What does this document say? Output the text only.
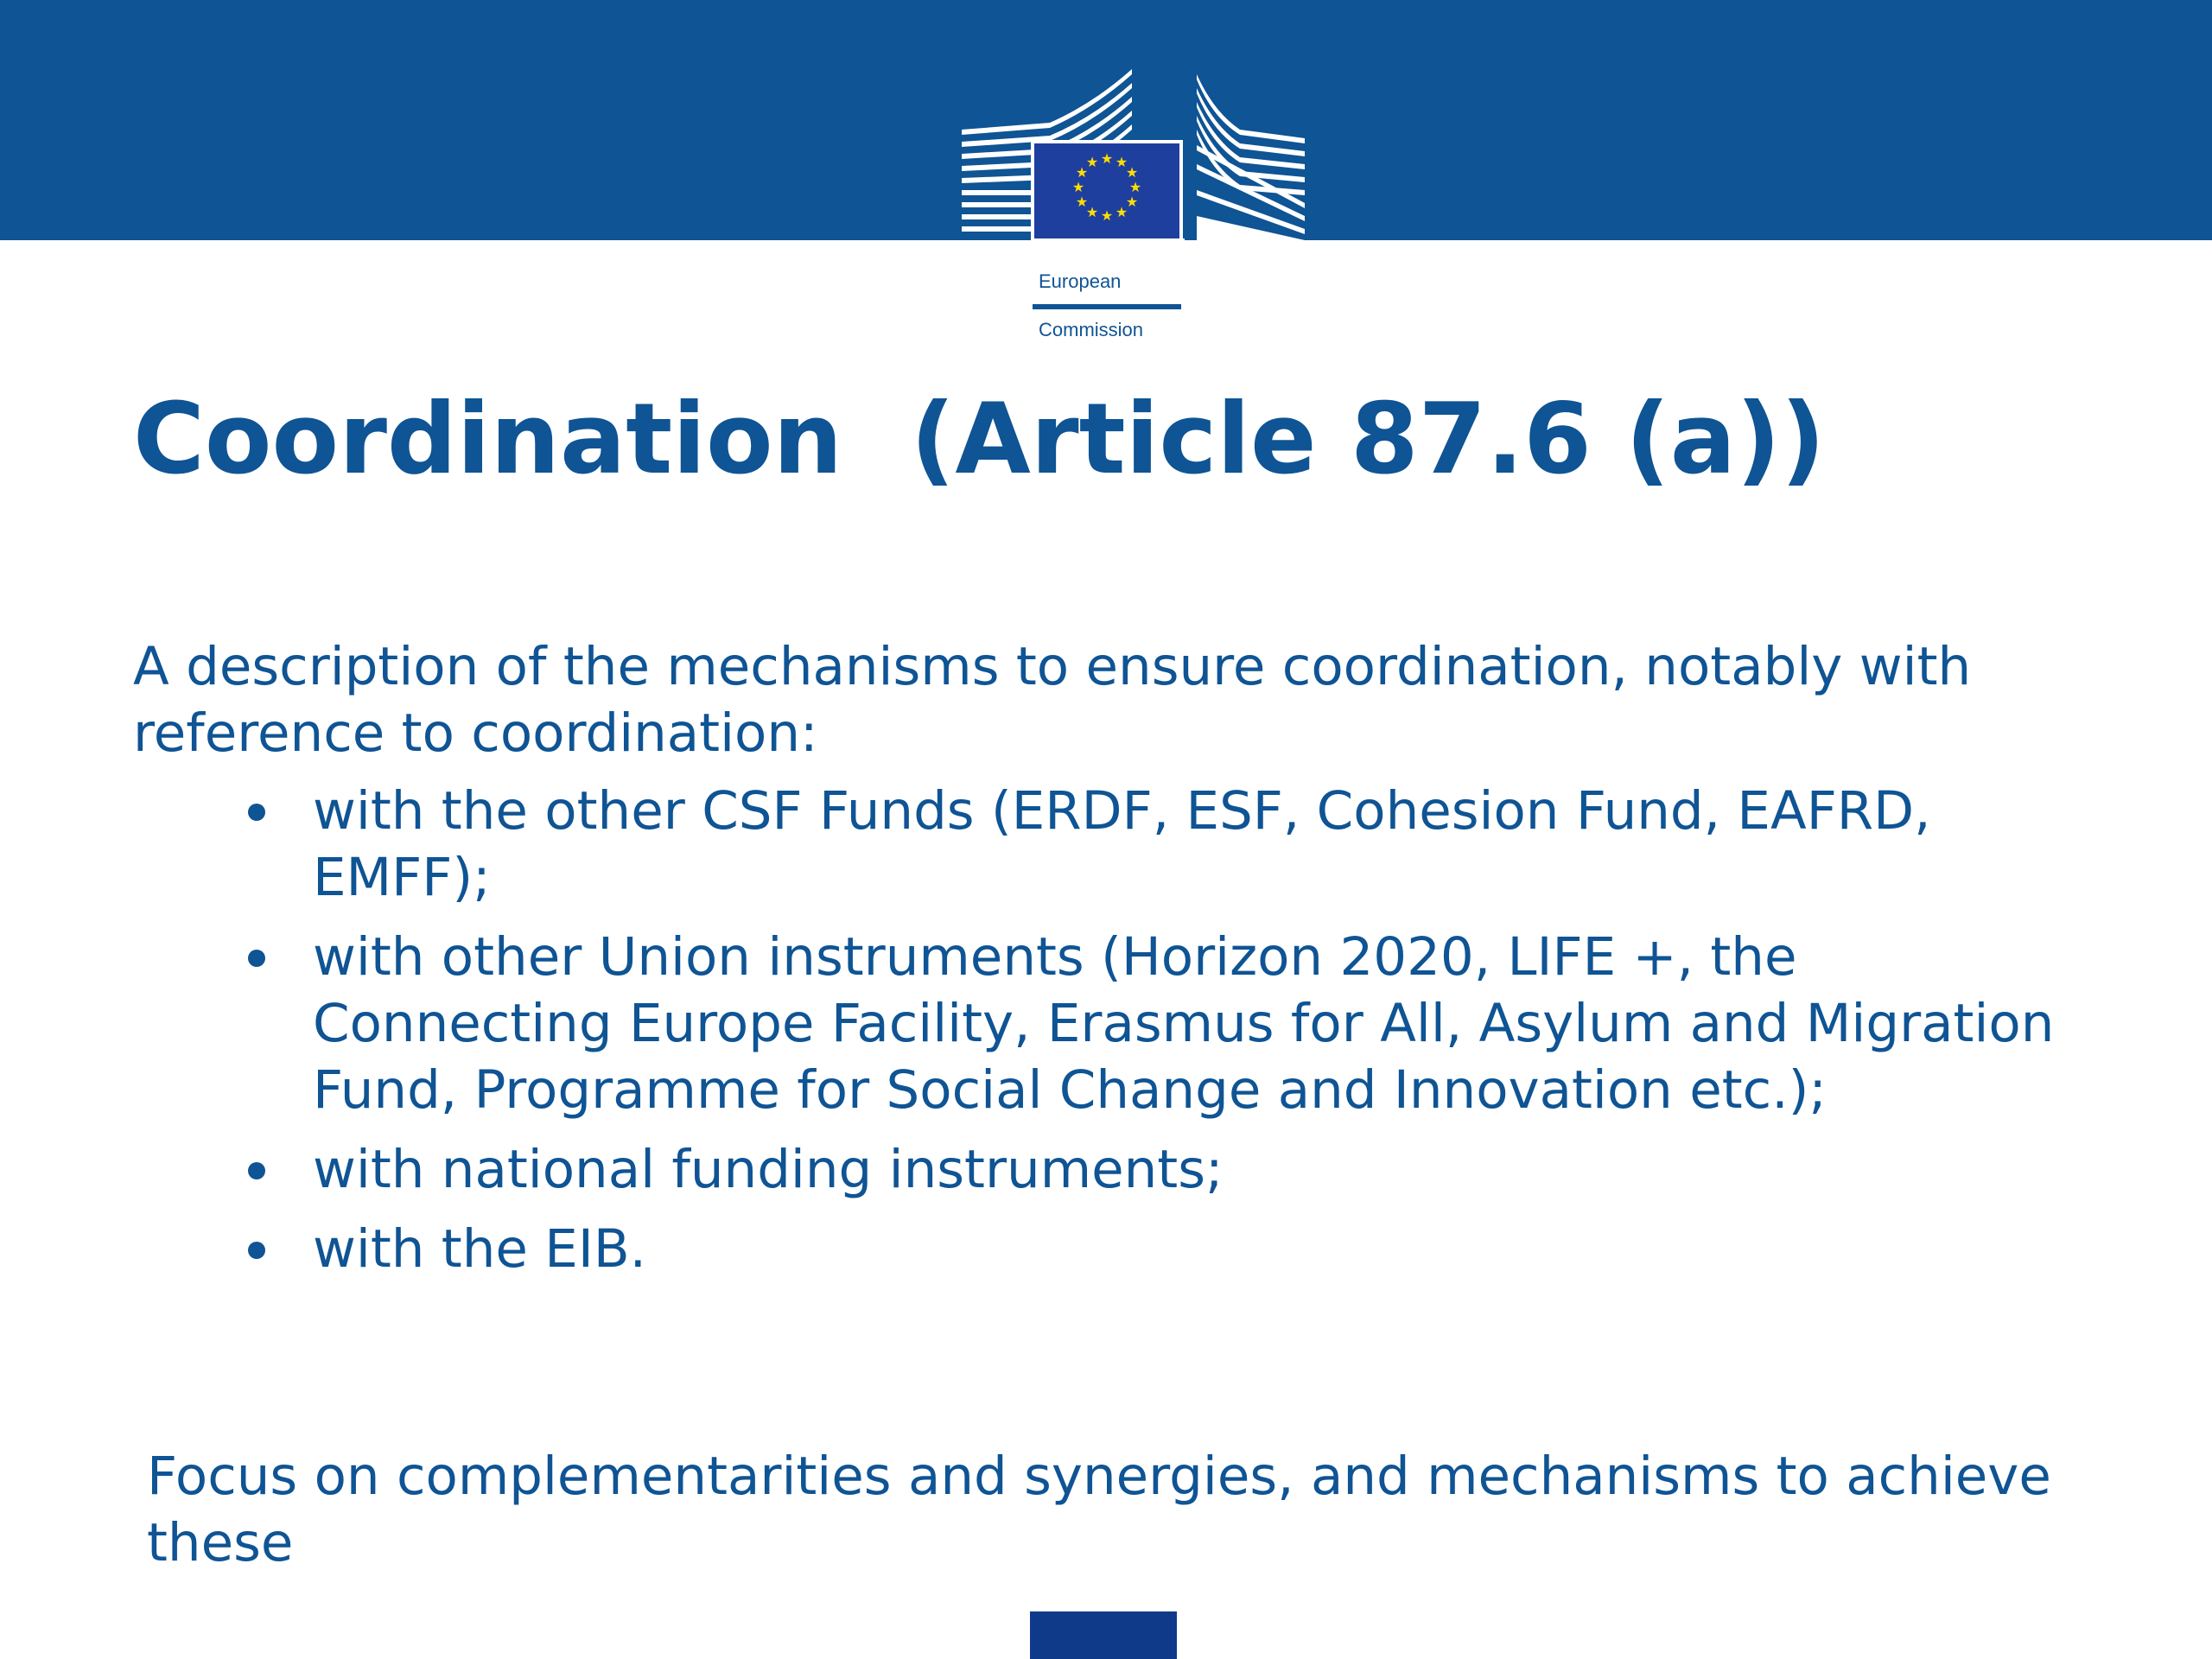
★ ★
★
★
★
★
★
★
★
★
★
★

European

Commission

Coordination  (Article 87.6 (a))

A description of the mechanisms to ensure coordination, notably with reference to coordination:

with the other CSF Funds (ERDF, ESF, Cohesion Fund, EAFRD, EMFF);
with other Union instruments (Horizon 2020, LIFE +, the Connecting Europe Facility, Erasmus for All, Asylum and Migration Fund, Programme for Social Change and Innovation etc.);
with national funding instruments;
with the EIB.

Focus on complementarities and synergies, and mechanisms to achieve these
